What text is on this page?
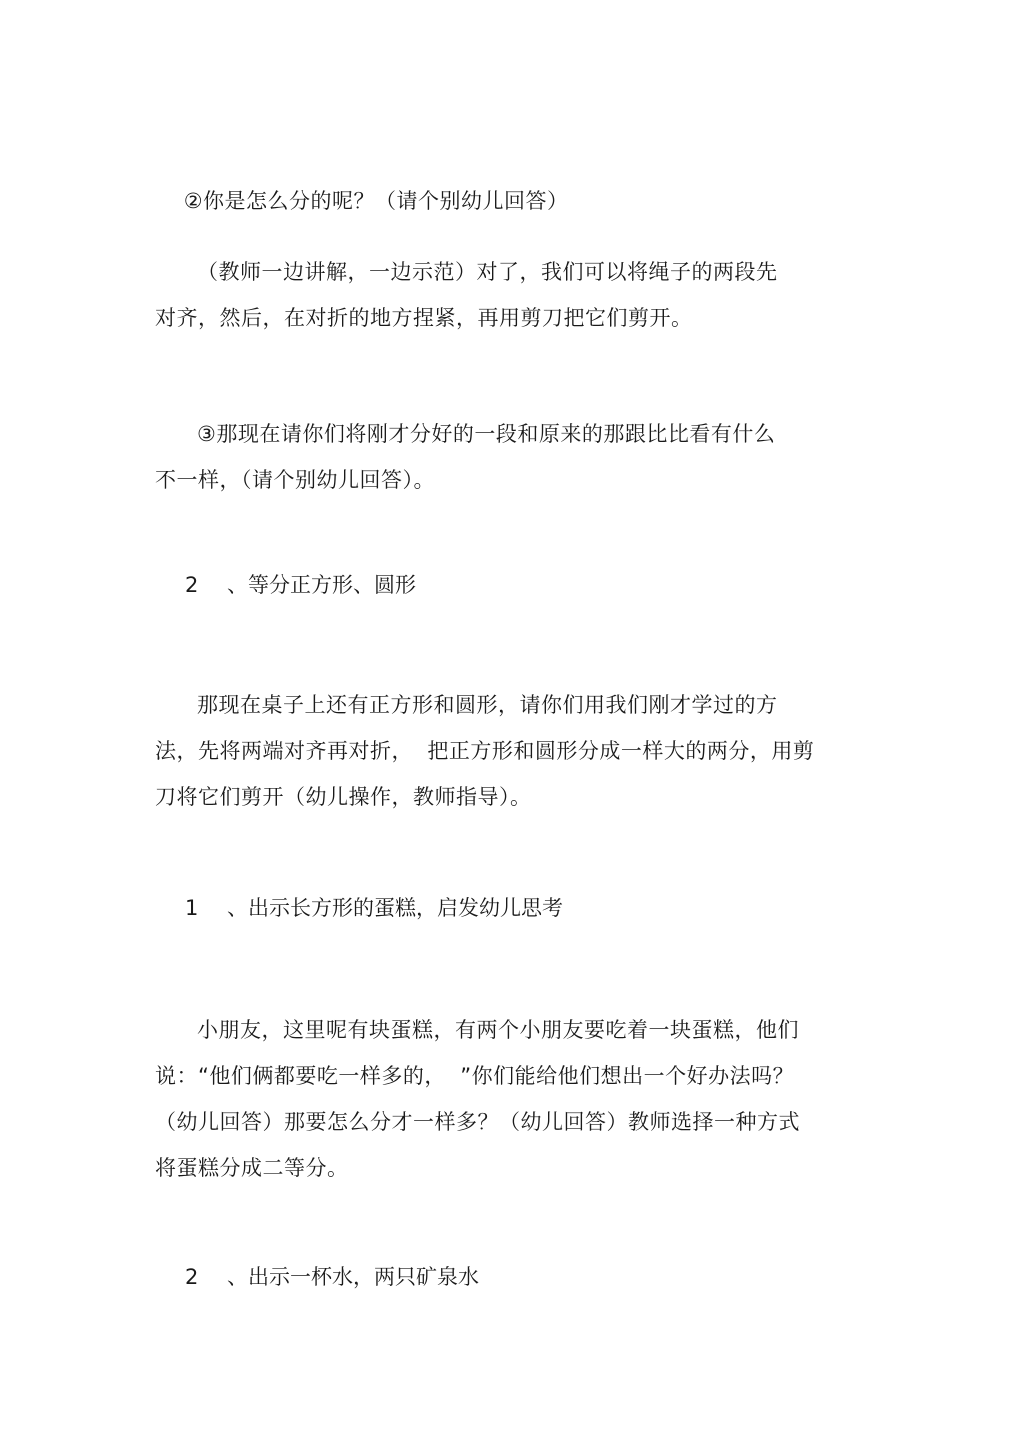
②你是怎么分的呢？（请个别幼儿回答）

（教师一边讲解，一边示范）对了，我们可以将绳子的两段先
对齐，然后，在对折的地方捏紧，再用剪刀把它们剪开。

③那现在请你们将刚才分好的一段和原来的那跟比比看有什么
不一样，（请个别幼儿回答）。

2 、等分正方形、圆形

那现在桌子上还有正方形和圆形，请你们用我们刚才学过的方
法，先将两端对齐再对折，  把正方形和圆形分成一样大的两分，用剪
刀将它们剪开（幼儿操作，教师指导）。

1 、出示长方形的蛋糕，启发幼儿思考

小朋友，这里呢有块蛋糕，有两个小朋友要吃着一块蛋糕，他们
说：“他们俩都要吃一样多的，  ”你们能给他们想出一个好办法吗？
（幼儿回答）那要怎么分才一样多？（幼儿回答）教师选择一种方式
将蛋糕分成二等分。

2 、出示一杯水，两只矿泉水
